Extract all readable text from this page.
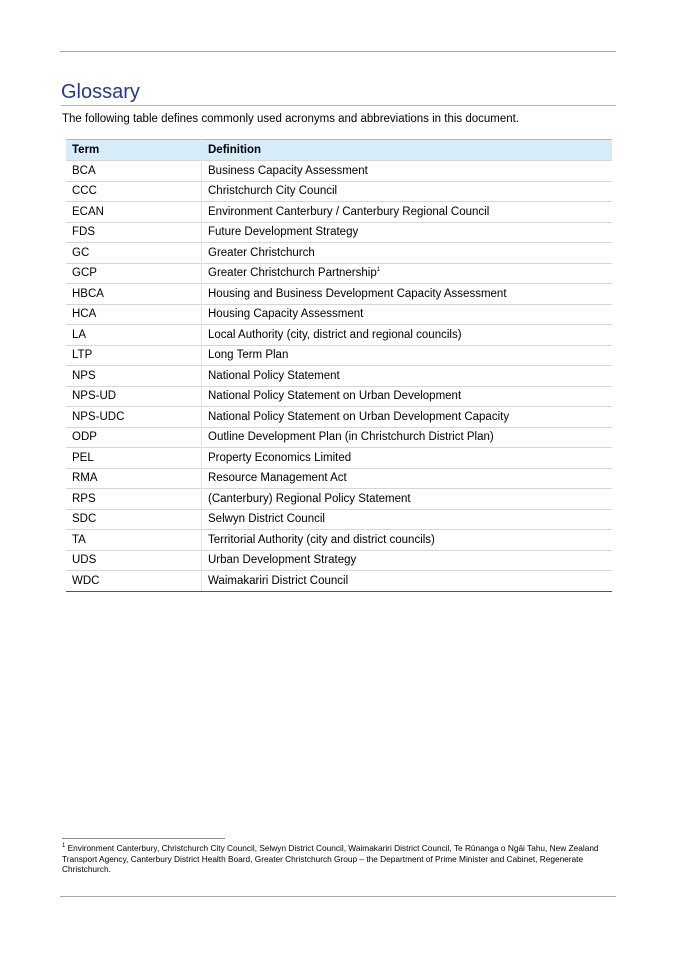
Glossary

The following table defines commonly used acronyms and abbreviations in this document.

Term	Definition
BCA	Business Capacity Assessment
CCC	Christchurch City Council
ECAN	Environment Canterbury / Canterbury Regional Council
FDS	Future Development Strategy
GC	Greater Christchurch
GCP	Greater Christchurch Partnership$^1$
HBCA	Housing and Business Development Capacity Assessment
HCA	Housing Capacity Assessment
LA	Local Authority (city, district and regional councils)
LTP	Long Term Plan
NPS	National Policy Statement
NPS-UD	National Policy Statement on Urban Development
NPS-UDC	National Policy Statement on Urban Development Capacity
ODP	Outline Development Plan (in Christchurch District Plan)
PEL	Property Economics Limited
RMA	Resource Management Act
RPS	(Canterbury) Regional Policy Statement
SDC	Selwyn District Council
TA	Territorial Authority (city and district councils)
UDS	Urban Development Strategy
WDC	Waimakariri District Council

$^1$ Environment Canterbury, Christchurch City Council, Selwyn District Council, Waimakariri District Council, Te Rūnanga o Ngāi Tahu, New Zealand Transport Agency, Canterbury District Health Board, Greater Christchurch Group – the Department of Prime Minister and Cabinet, Regenerate Christchurch.
